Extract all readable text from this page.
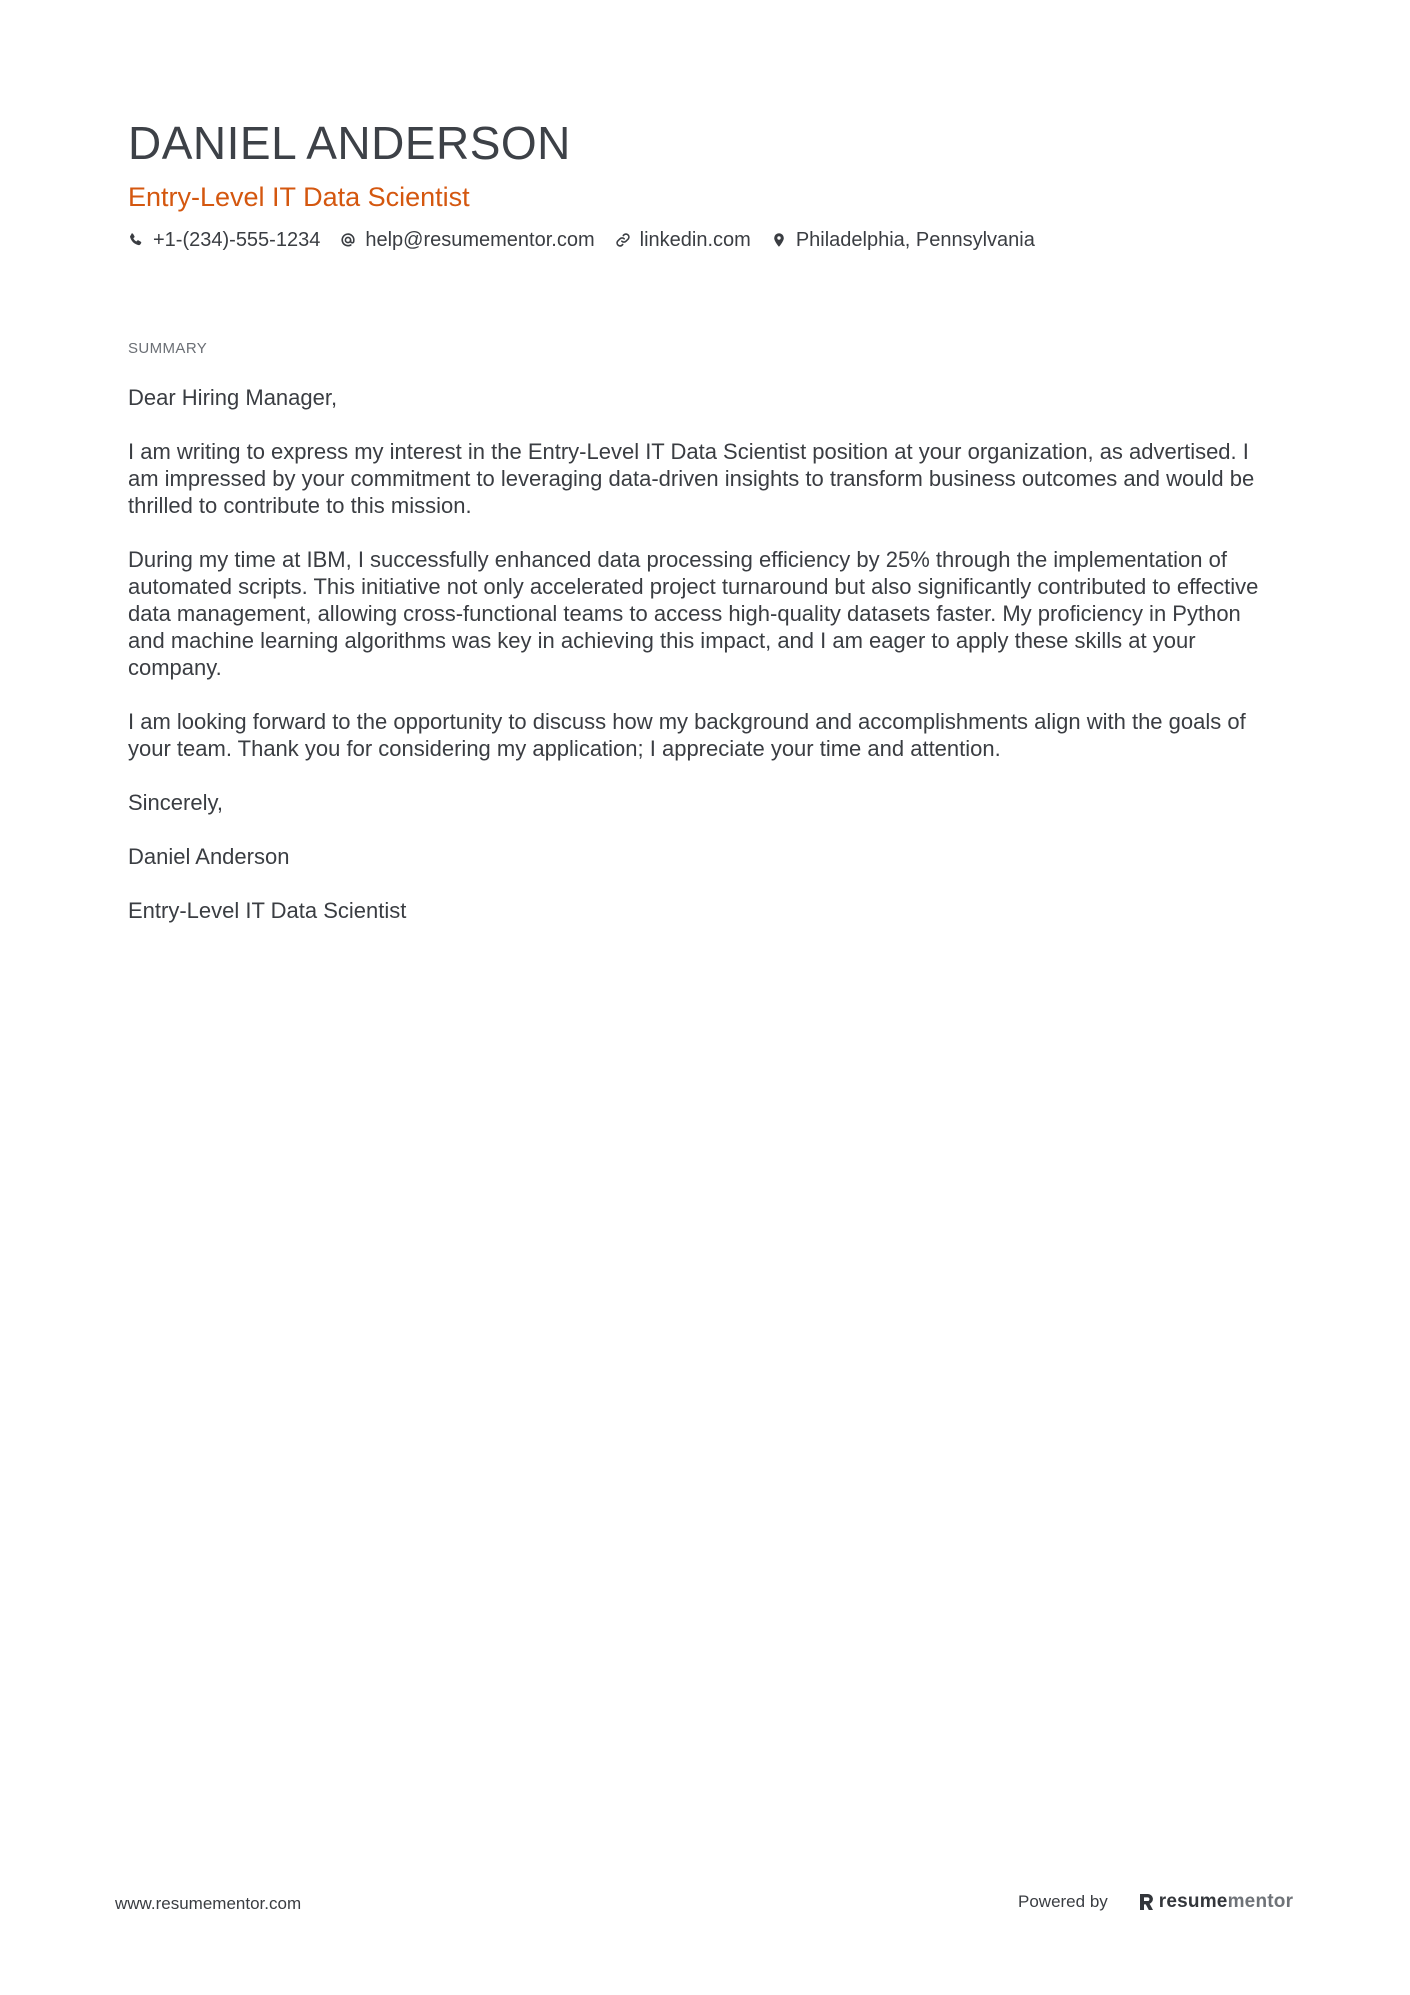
DANIEL ANDERSON
Entry-Level IT Data Scientist
+1-(234)-555-1234 help@resumementor.com linkedin.com Philadelphia, Pennsylvania
SUMMARY

Dear Hiring Manager,

I am writing to express my interest in the Entry-Level IT Data Scientist position at your organization, as advertised. I am impressed by your commitment to leveraging data-driven insights to transform business outcomes and would be thrilled to contribute to this mission.

During my time at IBM, I successfully enhanced data processing efficiency by 25% through the implementation of automated scripts. This initiative not only accelerated project turnaround but also significantly contributed to effective data management, allowing cross-functional teams to access high-quality datasets faster. My proficiency in Python and machine learning algorithms was key in achieving this impact, and I am eager to apply these skills at your company.

I am looking forward to the opportunity to discuss how my background and accomplishments align with the goals of your team. Thank you for considering my application; I appreciate your time and attention.

Sincerely,

Daniel Anderson

Entry-Level IT Data Scientist

www.resumementor.com	Powered by	resume mentor
